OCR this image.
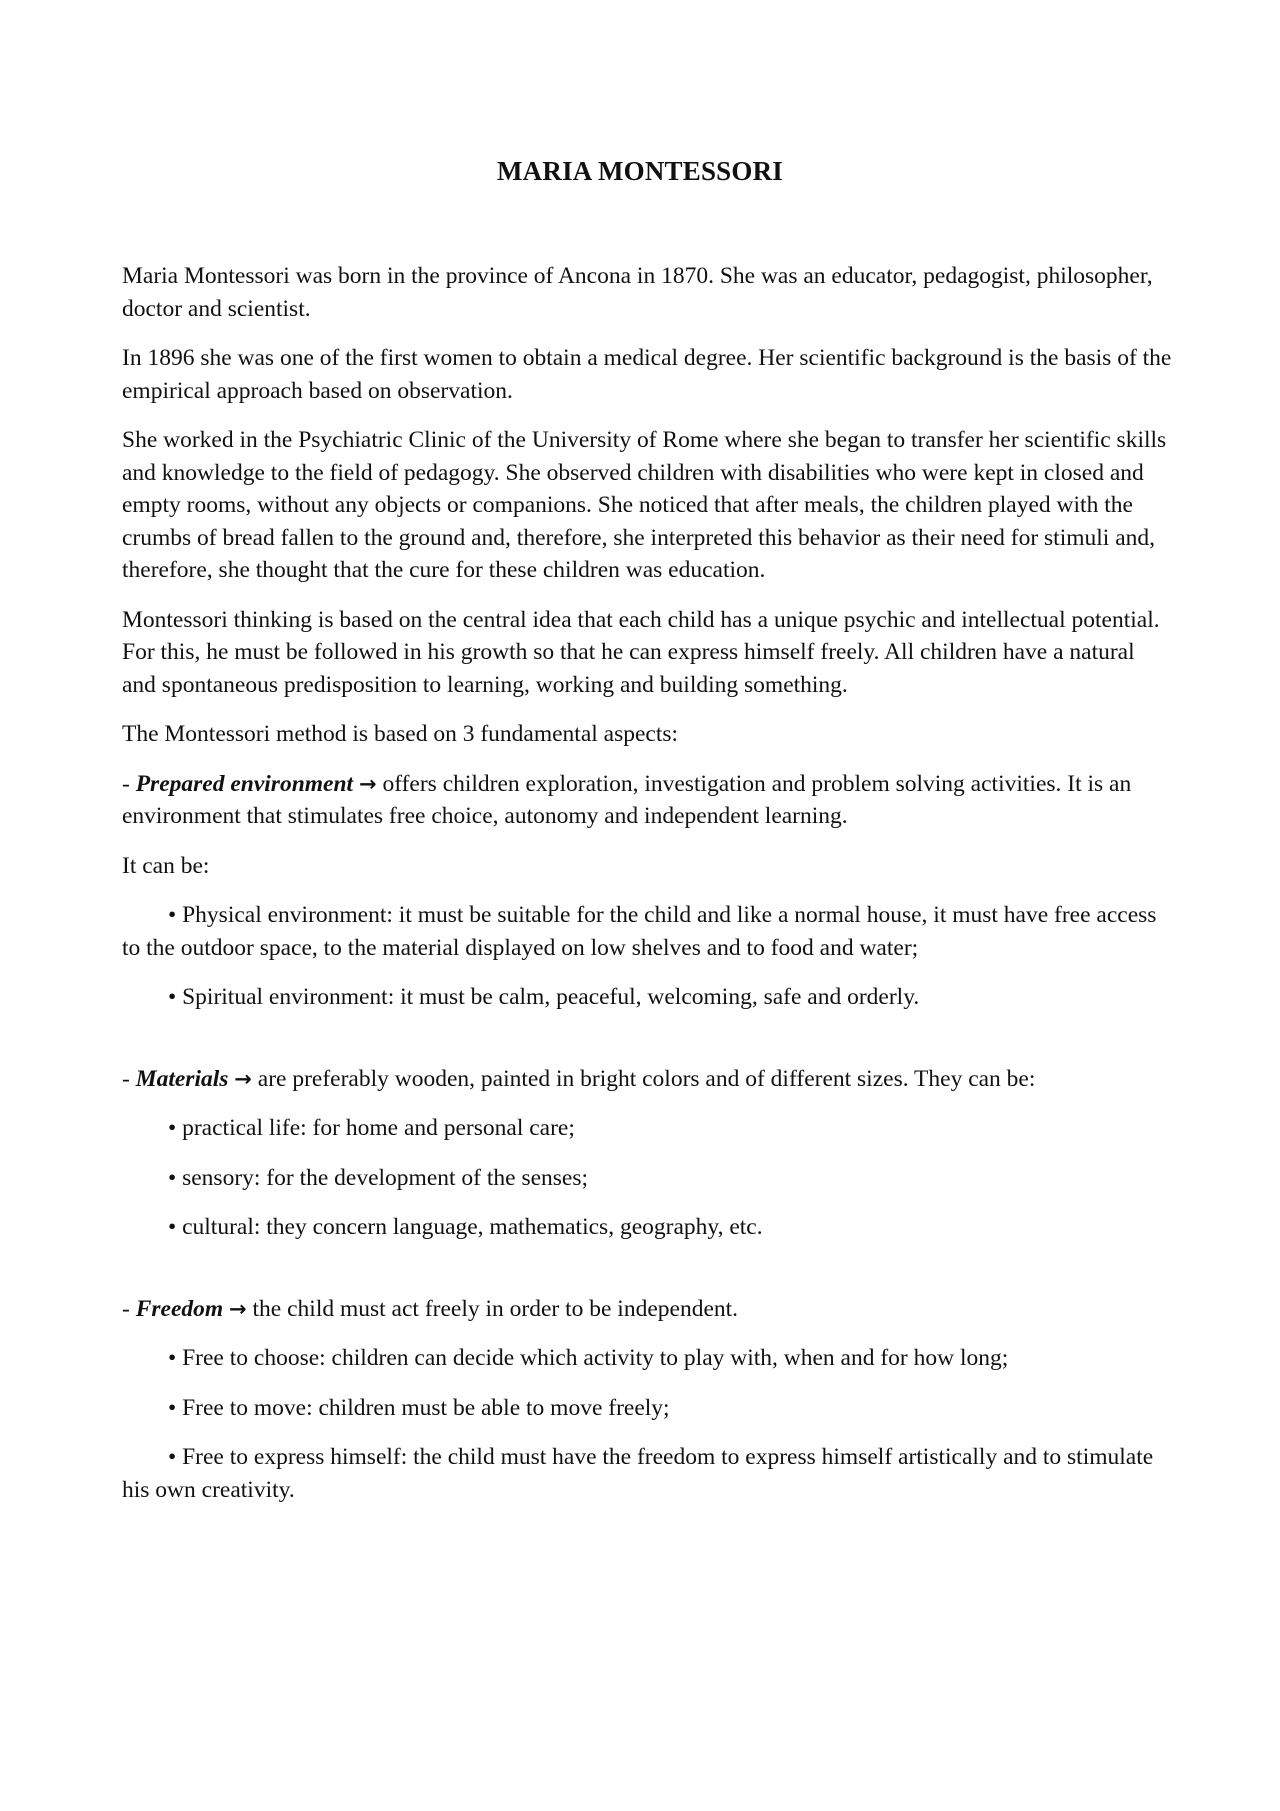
MARIA MONTESSORI

Maria Montessori was born in the province of Ancona in 1870. She was an educator, pedagogist, philosopher, doctor and scientist.

In 1896 she was one of the first women to obtain a medical degree. Her scientific background is the basis of the empirical approach based on observation.

She worked in the Psychiatric Clinic of the University of Rome where she began to transfer her scientific skills and knowledge to the field of pedagogy. She observed children with disabilities who were kept in closed and empty rooms, without any objects or companions. She noticed that after meals, the children played with the crumbs of bread fallen to the ground and, therefore, she interpreted this behavior as their need for stimuli and, therefore, she thought that the cure for these children was education.

Montessori thinking is based on the central idea that each child has a unique psychic and intellectual potential. For this, he must be followed in his growth so that he can express himself freely. All children have a natural and spontaneous predisposition to learning, working and building something.

The Montessori method is based on 3 fundamental aspects:

- Prepared environment → offers children exploration, investigation and problem solving activities. It is an environment that stimulates free choice, autonomy and independent learning.

It can be:

• Physical environment: it must be suitable for the child and like a normal house, it must have free access to the outdoor space, to the material displayed on low shelves and to food and water;

• Spiritual environment: it must be calm, peaceful, welcoming, safe and orderly.

- Materials → are preferably wooden, painted in bright colors and of different sizes. They can be:

• practical life: for home and personal care;

• sensory: for the development of the senses;

• cultural: they concern language, mathematics, geography, etc.

- Freedom → the child must act freely in order to be independent.

• Free to choose: children can decide which activity to play with, when and for how long;

• Free to move: children must be able to move freely;

• Free to express himself: the child must have the freedom to express himself artistically and to stimulate his own creativity.
